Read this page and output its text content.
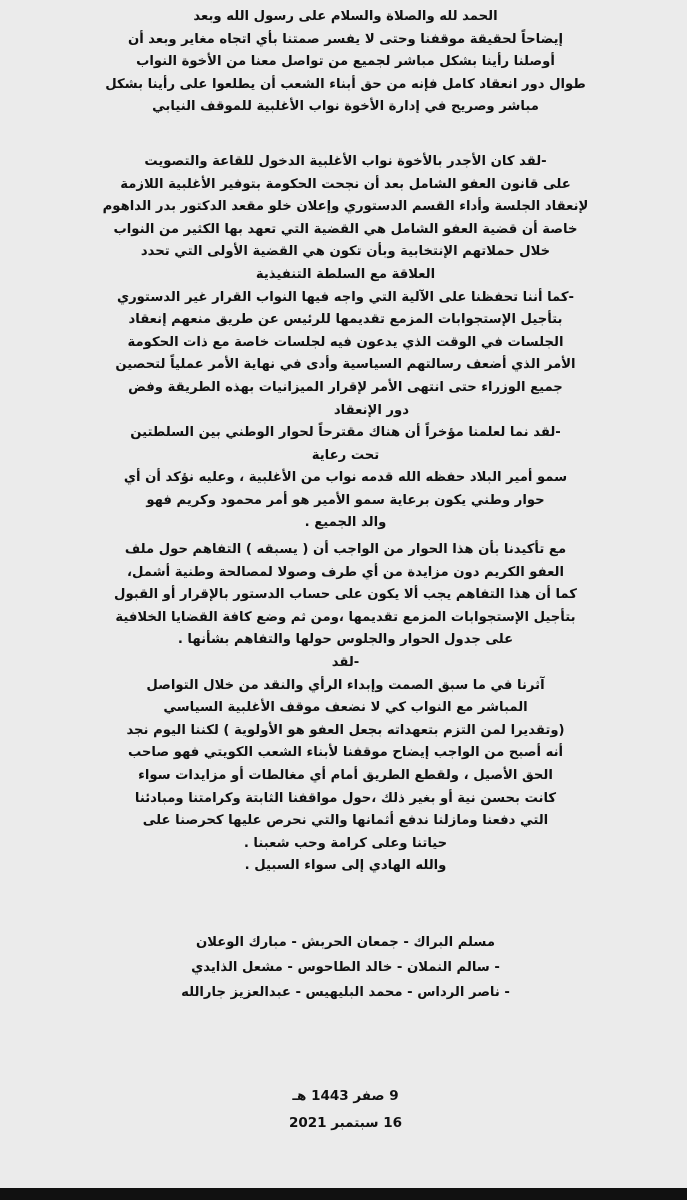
الحمد لله والصلاة والسلام على رسول الله وبعد
إيضاحاً لحقيقة موقفنا وحتى لا يفسر صمتنا بأي اتجاه مغاير وبعد أن
أوصلنا رأينا بشكل مباشر لجميع من تواصل معنا من الأخوة النواب
طوال دور انعقاد كامل فإنه من حق أبناء الشعب أن يطلعوا على رأينا بشكل
مباشر وصريح في إدارة الأخوة نواب الأغلبية للموقف النيابي
-لقد كان الأجدر بالأخوة نواب الأغلبية الدخول للقاعة والتصويت
على قانون العفو الشامل بعد أن نجحت الحكومة بتوفير الأغلبية اللازمة
لإنعقاد الجلسة وأداء القسم الدستوري وإعلان خلو مقعد الدكتور بدر الداهوم
خاصة أن قضية العفو الشامل هي القضية التي تعهد بها الكثير من النواب
خلال حملاتهم الإنتخابية وبأن تكون هي القضية الأولى التي تحدد
العلاقة مع السلطة التنفيذية
-كما أننا تحفظنا على الآلية التي واجه فيها النواب القرار غير الدستوري
بتأجيل الإستجوابات المزمع تقديمها للرئيس عن طريق منعهم إنعقاد
الجلسات في الوقت الذي يدعون فيه لجلسات خاصة مع ذات الحكومة
الأمر الذي أضعف رسالتهم السياسية وأدى في نهاية الأمر عملياً لتحصين
جميع الوزراء حتى انتهى الأمر لإقرار الميزانيات بهذه الطريقة وفض
دور الإنعقاد
-لقد نما لعلمنا مؤخراً أن هناك مقترحاً لحوار الوطني بين السلطتين
تحت رعاية
سمو أمير البلاد حفظه الله قدمه نواب من الأغلبية ، وعليه نؤكد أن أي
حوار وطني يكون برعاية سمو الأمير هو أمر محمود وكريم فهو
والد الجميع .
مع تأكيدنا بأن هذا الحوار من الواجب أن ( يسبقه ) التفاهم حول ملف
العفو الكريم دون مزايدة من أي طرف وصولا لمصالحة وطنية أشمل،
كما أن هذا التفاهم يجب ألا يكون على حساب الدستور بالإقرار أو القبول
بتأجيل الإستجوابات المزمع تقديمها ،ومن ثم وضع كافة القضايا الخلافية
على جدول الحوار والجلوس حولها والتفاهم بشأنها .
-لقد
آثرنا في ما سبق الصمت وإبداء الرأي والنقد من خلال التواصل
المباشر مع النواب كي لا نضعف موقف الأغلبية السياسي
(وتقديرا لمن التزم بتعهداته بجعل العفو هو الأولوية ) لكننا اليوم نجد
أنه أصبح من الواجب إيضاح موقفنا لأبناء الشعب الكويتي فهو صاحب
الحق الأصيل ، ولقطع الطريق أمام أي مغالطات أو مزايدات سواء
كانت بحسن نية أو بغير ذلك ،حول مواقفنا الثابتة وكرامتنا ومبادئنا
التي دفعنا ومازلنا ندفع أثمانها والتي نحرص عليها كحرصنا على
حياتنا وعلى كرامة وحب شعبنا .
والله الهادي إلى سواء السبيل .
مسلم البراك - جمعان الحربش - مبارك الوعلان
- سالم النملان - خالد الطاحوس - مشعل الذايدي
- ناصر الرداس - محمد البليهيس - عبدالعزيز جارالله
9 صفر 1443 هـ
16 سبتمبر 2021
